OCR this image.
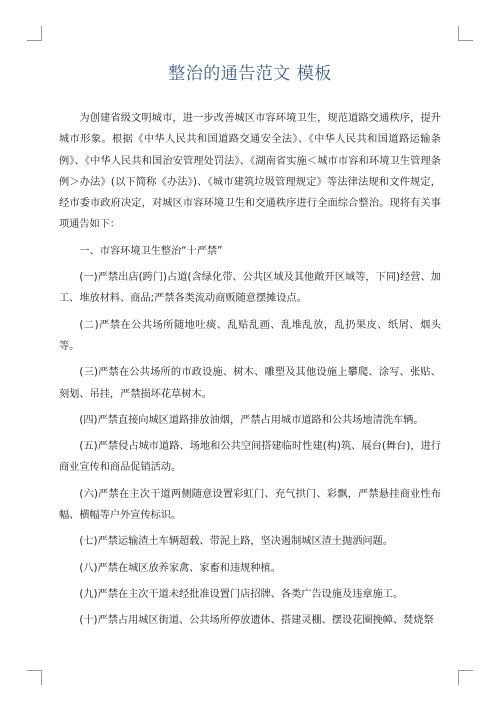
整治的通告范文 模板

为创建省级文明城市，进一步改善城区市容环境卫生，规范道路交通秩序，提升城市形象。根据《中华人民共和国道路交通安全法》、《中华人民共和国道路运输条例》、《中华人民共和国治安管理处罚法》、《湖南省实施＜城市市容和环境卫生管理条例＞办法》(以下简称《办法》)、《城市建筑垃圾管理规定》等法律法规和文件规定，经市委市政府决定，对城区市容环境卫生和交通秩序进行全面综合整治。现将有关事项通告如下：

一、市容环境卫生整治“十严禁”

(一)严禁出店(跨门)占道(含绿化带、公共区域及其他敞开区域等，下同)经营、加工、堆放材料、商品;严禁各类流动商贩随意摆摊设点。

(二)严禁在公共场所随地吐痰、乱贴乱画、乱堆乱放，乱扔果皮、纸屑、烟头等。

(三)严禁在公共场所的市政设施、树木、雕塑及其他设施上攀爬、涂写、张贴、刻划、吊挂，严禁损坏花草树木。

(四)严禁直接向城区道路排放油烟，严禁占用城市道路和公共场地清洗车辆。

(五)严禁侵占城市道路、场地和公共空间搭建临时性建(构)筑、展台(舞台)，进行商业宣传和商品促销活动。

(六)严禁在主次干道两侧随意设置彩虹门、充气拱门、彩飘，严禁悬挂商业性布幅、横幅等户外宣传标识。

(七)严禁运输渣土车辆超载、带泥上路，坚决遏制城区渣土抛洒问题。

(八)严禁在城区放养家禽、家畜和违规种植。

(九)严禁在主次干道未经批准设置门店招牌、各类广告设施及违章施工。

(十)严禁占用城区街道、公共场所停放遗体、搭建灵棚、摆设花圈挽幛、焚烧祭
